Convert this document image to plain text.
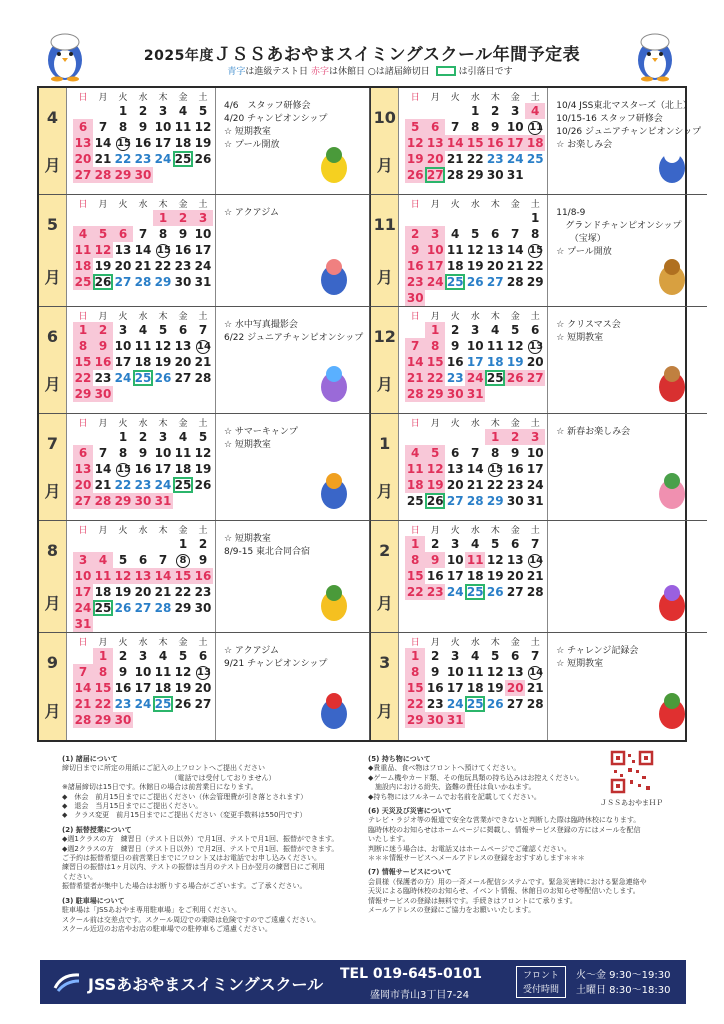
2025年度ＪＳＳあおやまスイミングスクール年間予定表
青字は進級テスト日 赤字は休館日 ○は諸届締切日	は引落日です
4
月
日	月	火	水	木	金	土
		1	2	3	4	5
6	7	8	9	10	11	12
13	14	15	16	17	18	19
20	21	22	23	24	25	26
27	28	29	30			
4/6　スタッフ研修会
4/20 チャンピオンシップ
☆ 短期教室
☆ プール開放
10
月
日	月	火	水	木	金	土
			1	2	3	4
5	6	7	8	9	10	11
12	13	14	15	16	17	18
19	20	21	22	23	24	25
26	27	28	29	30	31	
10/4 JSS東北マスターズ（北上）
10/15-16 スタッフ研修会
10/26 ジュニアチャンピオンシップ
☆ お楽しみ会
5
月
日	月	火	水	木	金	土
				1	2	3
4	5	6	7	8	9	10
11	12	13	14	15	16	17
18	19	20	21	22	23	24
25	26	27	28	29	30	31
☆ アクアジム
11
月
日	月	火	水	木	金	土
						1
2	3	4	5	6	7	8
9	10	11	12	13	14	15
16	17	18	19	20	21	22
23	24	25	26	27	28	29
30						
11/8-9
　グランドチャンピオンシップ
　　（宝塚）
☆ プール開放
6
月
日	月	火	水	木	金	土
1	2	3	4	5	6	7
8	9	10	11	12	13	14
15	16	17	18	19	20	21
22	23	24	25	26	27	28
29	30					
☆ 水中写真撮影会
6/22 ジュニアチャンピオンシップ 12
月
日	月	火	水	木	金	土
	1	2	3	4	5	6
7	8	9	10	11	12	13
14	15	16	17	18	19	20
21	22	23	24	25	26	27
28	29	30	31			
☆ クリスマス会
☆ 短期教室
7
月
日	月	火	水	木	金	土
		1	2	3	4	5
6	7	8	9	10	11	12
13	14	15	16	17	18	19
20	21	22	23	24	25	26
27	28	29	30	31		
☆ サマーキャンプ
☆ 短期教室	1
月
日	月	火	水	木	金	土
				1	2	3
4	5	6	7	8	9	10
11	12	13	14	15	16	17
18	19	20	21	22	23	24
25	26	27	28	29	30	31
☆ 新春お楽しみ会
8
月
日	月	火	水	木	金	土
					1	2
3	4	5	6	7	8	9
10	11	12	13	14	15	16
17	18	19	20	21	22	23
24	25	26	27	28	29	30
31						
☆ 短期教室
8/9-15 東北合同合宿	2
月
日	月	火	水	木	金	土
1	2	3	4	5	6	7
8	9	10	11	12	13	14
15	16	17	18	19	20	21
22	23	24	25	26	27	28
9
月
日	月	火	水	木	金	土
	1	2	3	4	5	6
7	8	9	10	11	12	13
14	15	16	17	18	19	20
21	22	23	24	25	26	27
28	29	30				
☆ アクアジム
9/21 チャンピオンシップ	3
月
日	月	火	水	木	金	土
1	2	3	4	5	6	7
8	9	10	11	12	13	14
15	16	17	18	19	20	21
22	23	24	25	26	27	28
29	30	31				
☆ チャレンジ記録会
☆ 短期教室
(1) 諸届について
締切日までに所定の用紙にご記入の上フロントへご提出ください
　　　　　　　　　　　　　　　　（電話では受付しておりません）
※諸届締切は15日です。休館日の場合は前営業日になります。
◆　休会　前月15日までにご提出ください（休会管理費が引き落とされます）
◆　退会　当月15日までにご提出ください。
◆　クラス変更　前月15日までにご提出ください（変更手数料は550円です）
(2) 振替授業について
◆週1クラスの方　練習日（テスト日以外）で月1回、テストで月1回、振替ができます。
◆週2クラスの方　練習日（テスト日以外）で月2回、テストで月1回、振替ができます。
ご予約は振替希望日の前営業日までにフロント又はお電話でお申し込みください。
練習日の振替は1ヶ月以内、テストの振替は当月のテスト日か翌月の練習日にご利用
ください。
振替希望者が集中した場合はお断りする場合がございます。ご了承ください。
(3) 駐車場について
駐車場は「JSSあおやま専用駐車場」をご利用ください。
スクール前は交差点です。スクール周辺での乗降は危険ですのでご遠慮ください。
スクール近辺のお店やお店の駐車場での駐停車もご遠慮ください。
(5) 持ち物について
◆貴重品、食べ物はフロントへ預けてください。
◆ゲーム機やカード類、その他玩具類の持ち込みはお控えください。
　施設内における紛失、盗難の責任は負いかねます。
◆持ち物にはフルネームでお名前を記載してください。
(6) 天災及び災害について
テレビ・ラジオ等の報道で安全な営業ができないと判断した際は臨時休校になります。
臨時休校のお知らせはホームページに掲載し、情報サービス登録の方にはメールを配信
いたします。
判断に迷う場合は、お電話又はホームページでご確認ください。
＊＊＊情報サービスへメールアドレスの登録をおすすめします＊＊＊
(7) 情報サービスについて
会員様（保護者の方）用の一斉メール配信システムです。緊急災害時における緊急連絡や
天災による臨時休校のお知らせ、イベント情報、休館日のお知らせ等配信いたします。
情報サービスの登録は無料です。手続きはフロントにて承ります。
メールアドレスの登録にご協力をお願いいたします。
ＪＳＳあおやまＨＰ
JSSあおやまスイミングスクール
TEL 019-645-0101
盛岡市青山3丁目7-24
フロント
受付時間
火～金 9:30～19:30
土曜日 8:30～18:30
